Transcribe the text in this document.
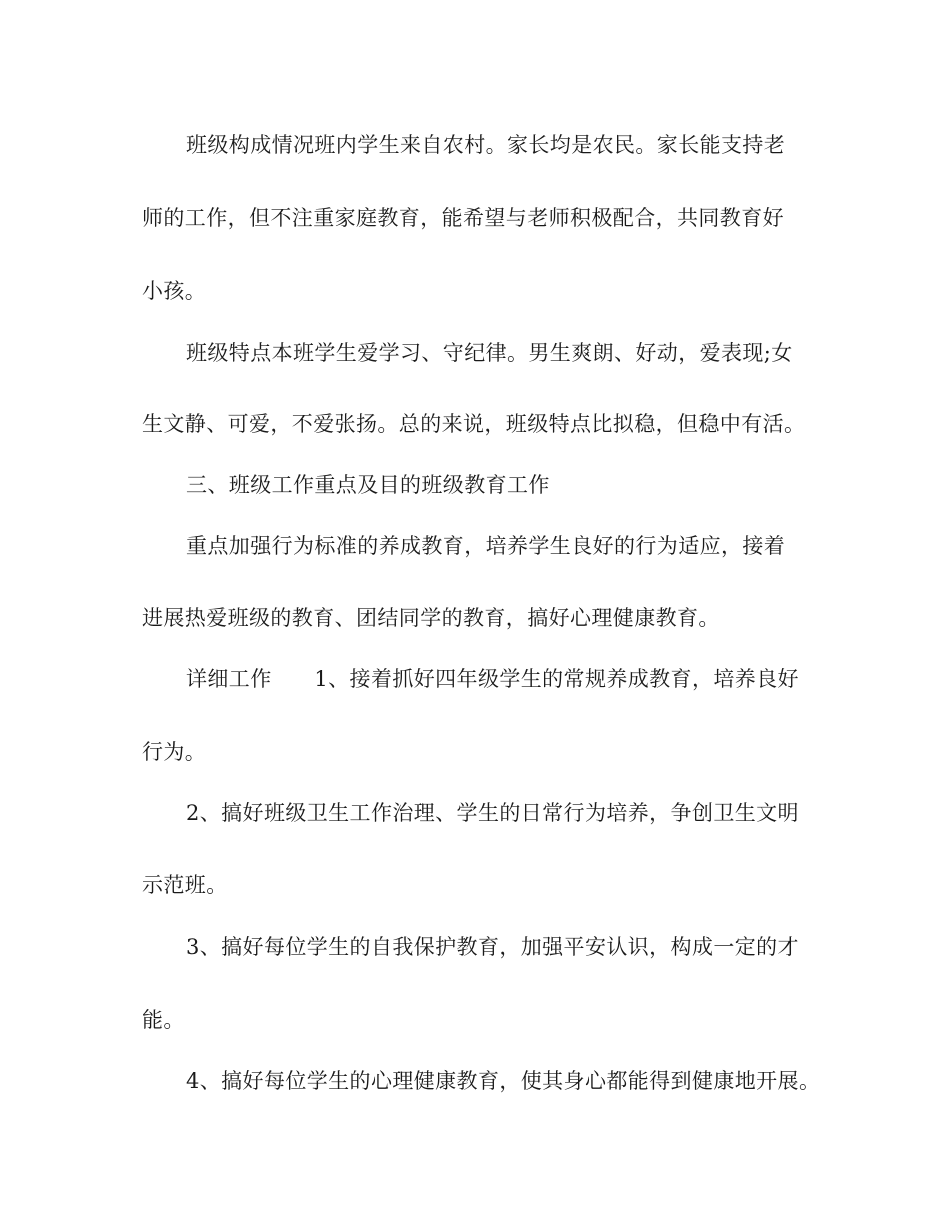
班级构成情况班内学生来自农村。家长均是农民。家长能支持老
师的工作，但不注重家庭教育，能希望与老师积极配合，共同教育好
小孩。
班级特点本班学生爱学习、守纪律。男生爽朗、好动，爱表现;女
生文静、可爱，不爱张扬。总的来说，班级特点比拟稳，但稳中有活。
三、班级工作重点及目的班级教育工作
重点加强行为标准的养成教育，培养学生良好的行为适应，接着
进展热爱班级的教育、团结同学的教育，搞好心理健康教育。
详细工作　　1、接着抓好四年级学生的常规养成教育，培养良好
行为。
2、搞好班级卫生工作治理、学生的日常行为培养，争创卫生文明
示范班。
3、搞好每位学生的自我保护教育，加强平安认识，构成一定的才
能。
4、搞好每位学生的心理健康教育，使其身心都能得到健康地开展。
